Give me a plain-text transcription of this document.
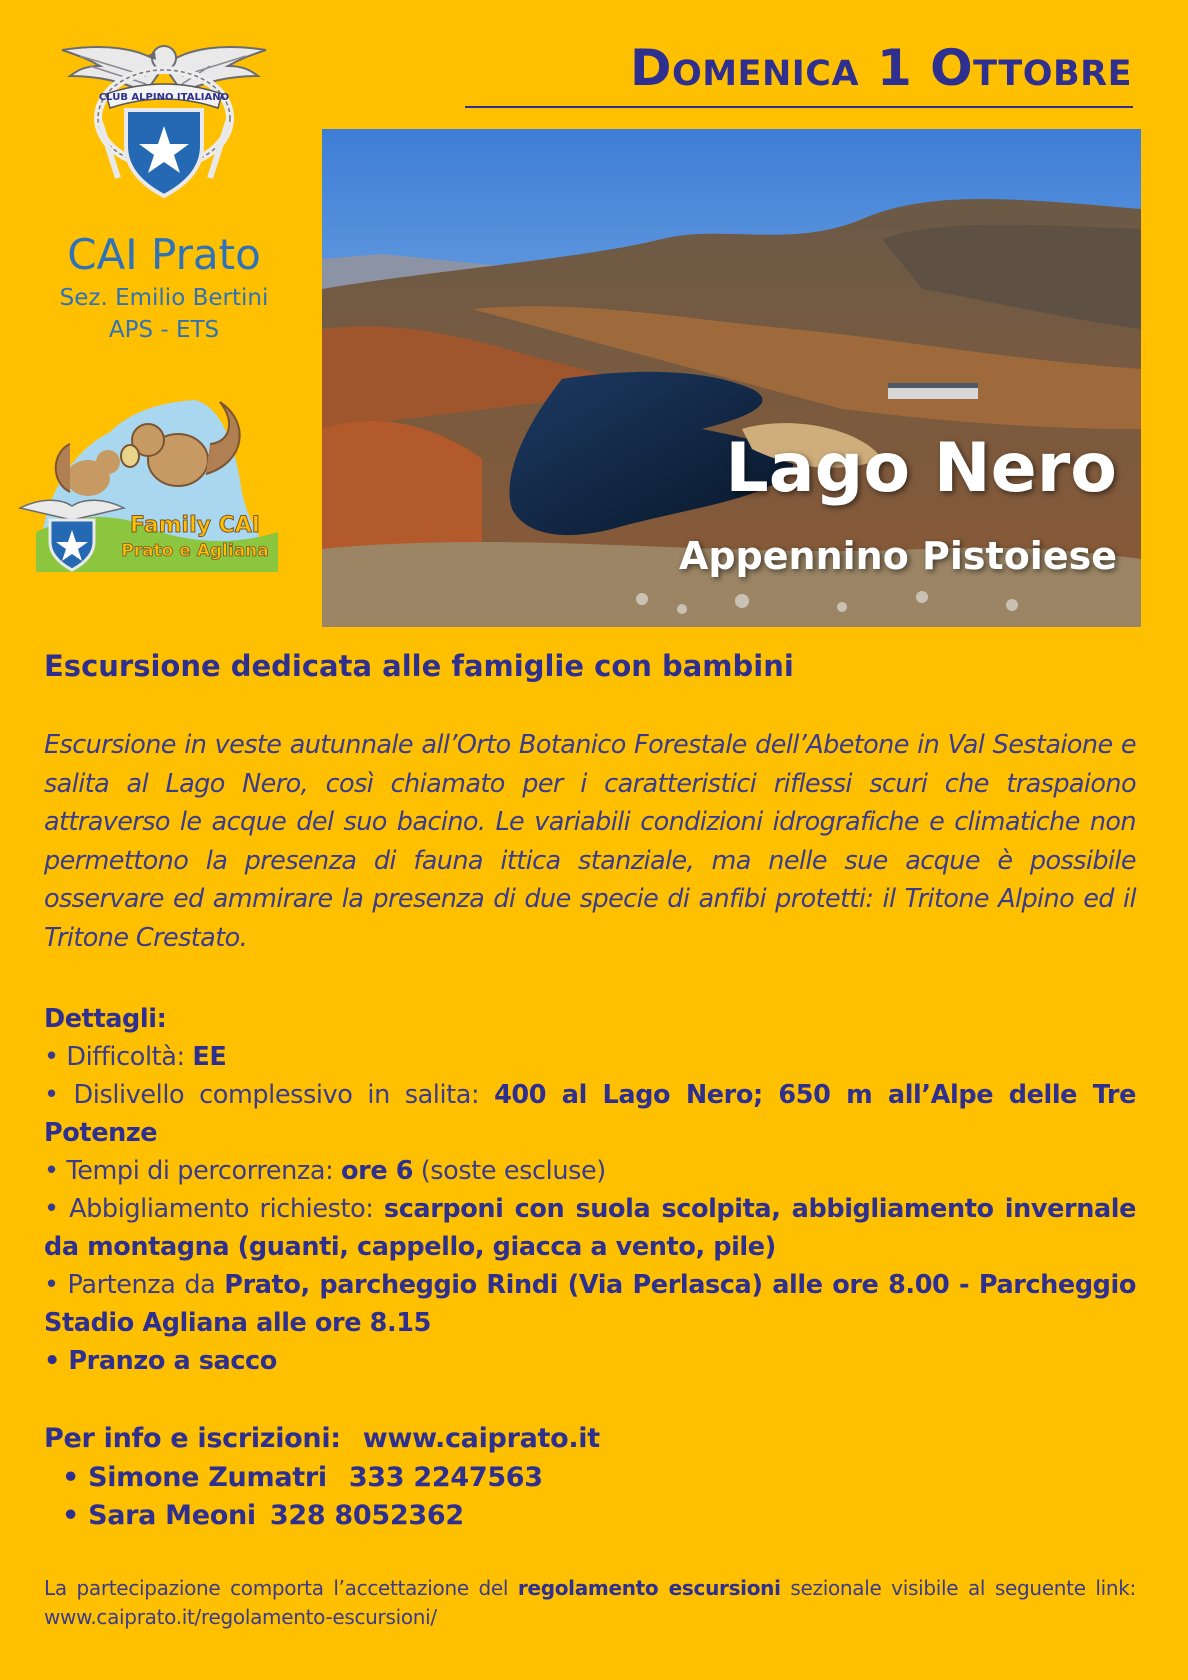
Domenica 1 Ottobre
CLUB ALPINO ITALIANO
CAI Prato
Sez. Emilio Bertini
APS - ETS
Family CAI
Prato e Agliana
Lago Nero
Appennino Pistoiese
Escursione dedicata alle famiglie con bambini
Escursione in veste autunnale all’Orto Botanico Forestale dell’Abetone in Val Sestaione e salita al Lago Nero, così chiamato per i caratteristici riflessi scuri che traspaiono attraverso le acque del suo bacino. Le variabili condizioni idrografiche e climatiche non permettono la presenza di fauna ittica stanziale, ma nelle sue acque è possibile osservare ed ammirare la presenza di due specie di anfibi protetti: il Tritone Alpino ed il Tritone Crestato.
Dettagli:
• Difficoltà: EE
• Dislivello complessivo in salita: 400 al Lago Nero; 650 m all’Alpe delle Tre Potenze
• Tempi di percorrenza: ore 6 (soste escluse)
• Abbigliamento richiesto: scarponi con suola scolpita, abbigliamento invernale da montagna (guanti, cappello, giacca a vento, pile)
• Partenza da Prato, parcheggio Rindi (Via Perlasca) alle ore 8.00 - Parcheggio Stadio Agliana alle ore 8.15
• Pranzo a sacco
Per info e iscrizioni: www.caiprato.it
• Simone Zumatri 333 2247563
• Sara Meoni 328 8052362
La partecipazione comporta l’accettazione del regolamento escursioni sezionale visibile al seguente link: www.caiprato.it/regolamento-escursioni/
